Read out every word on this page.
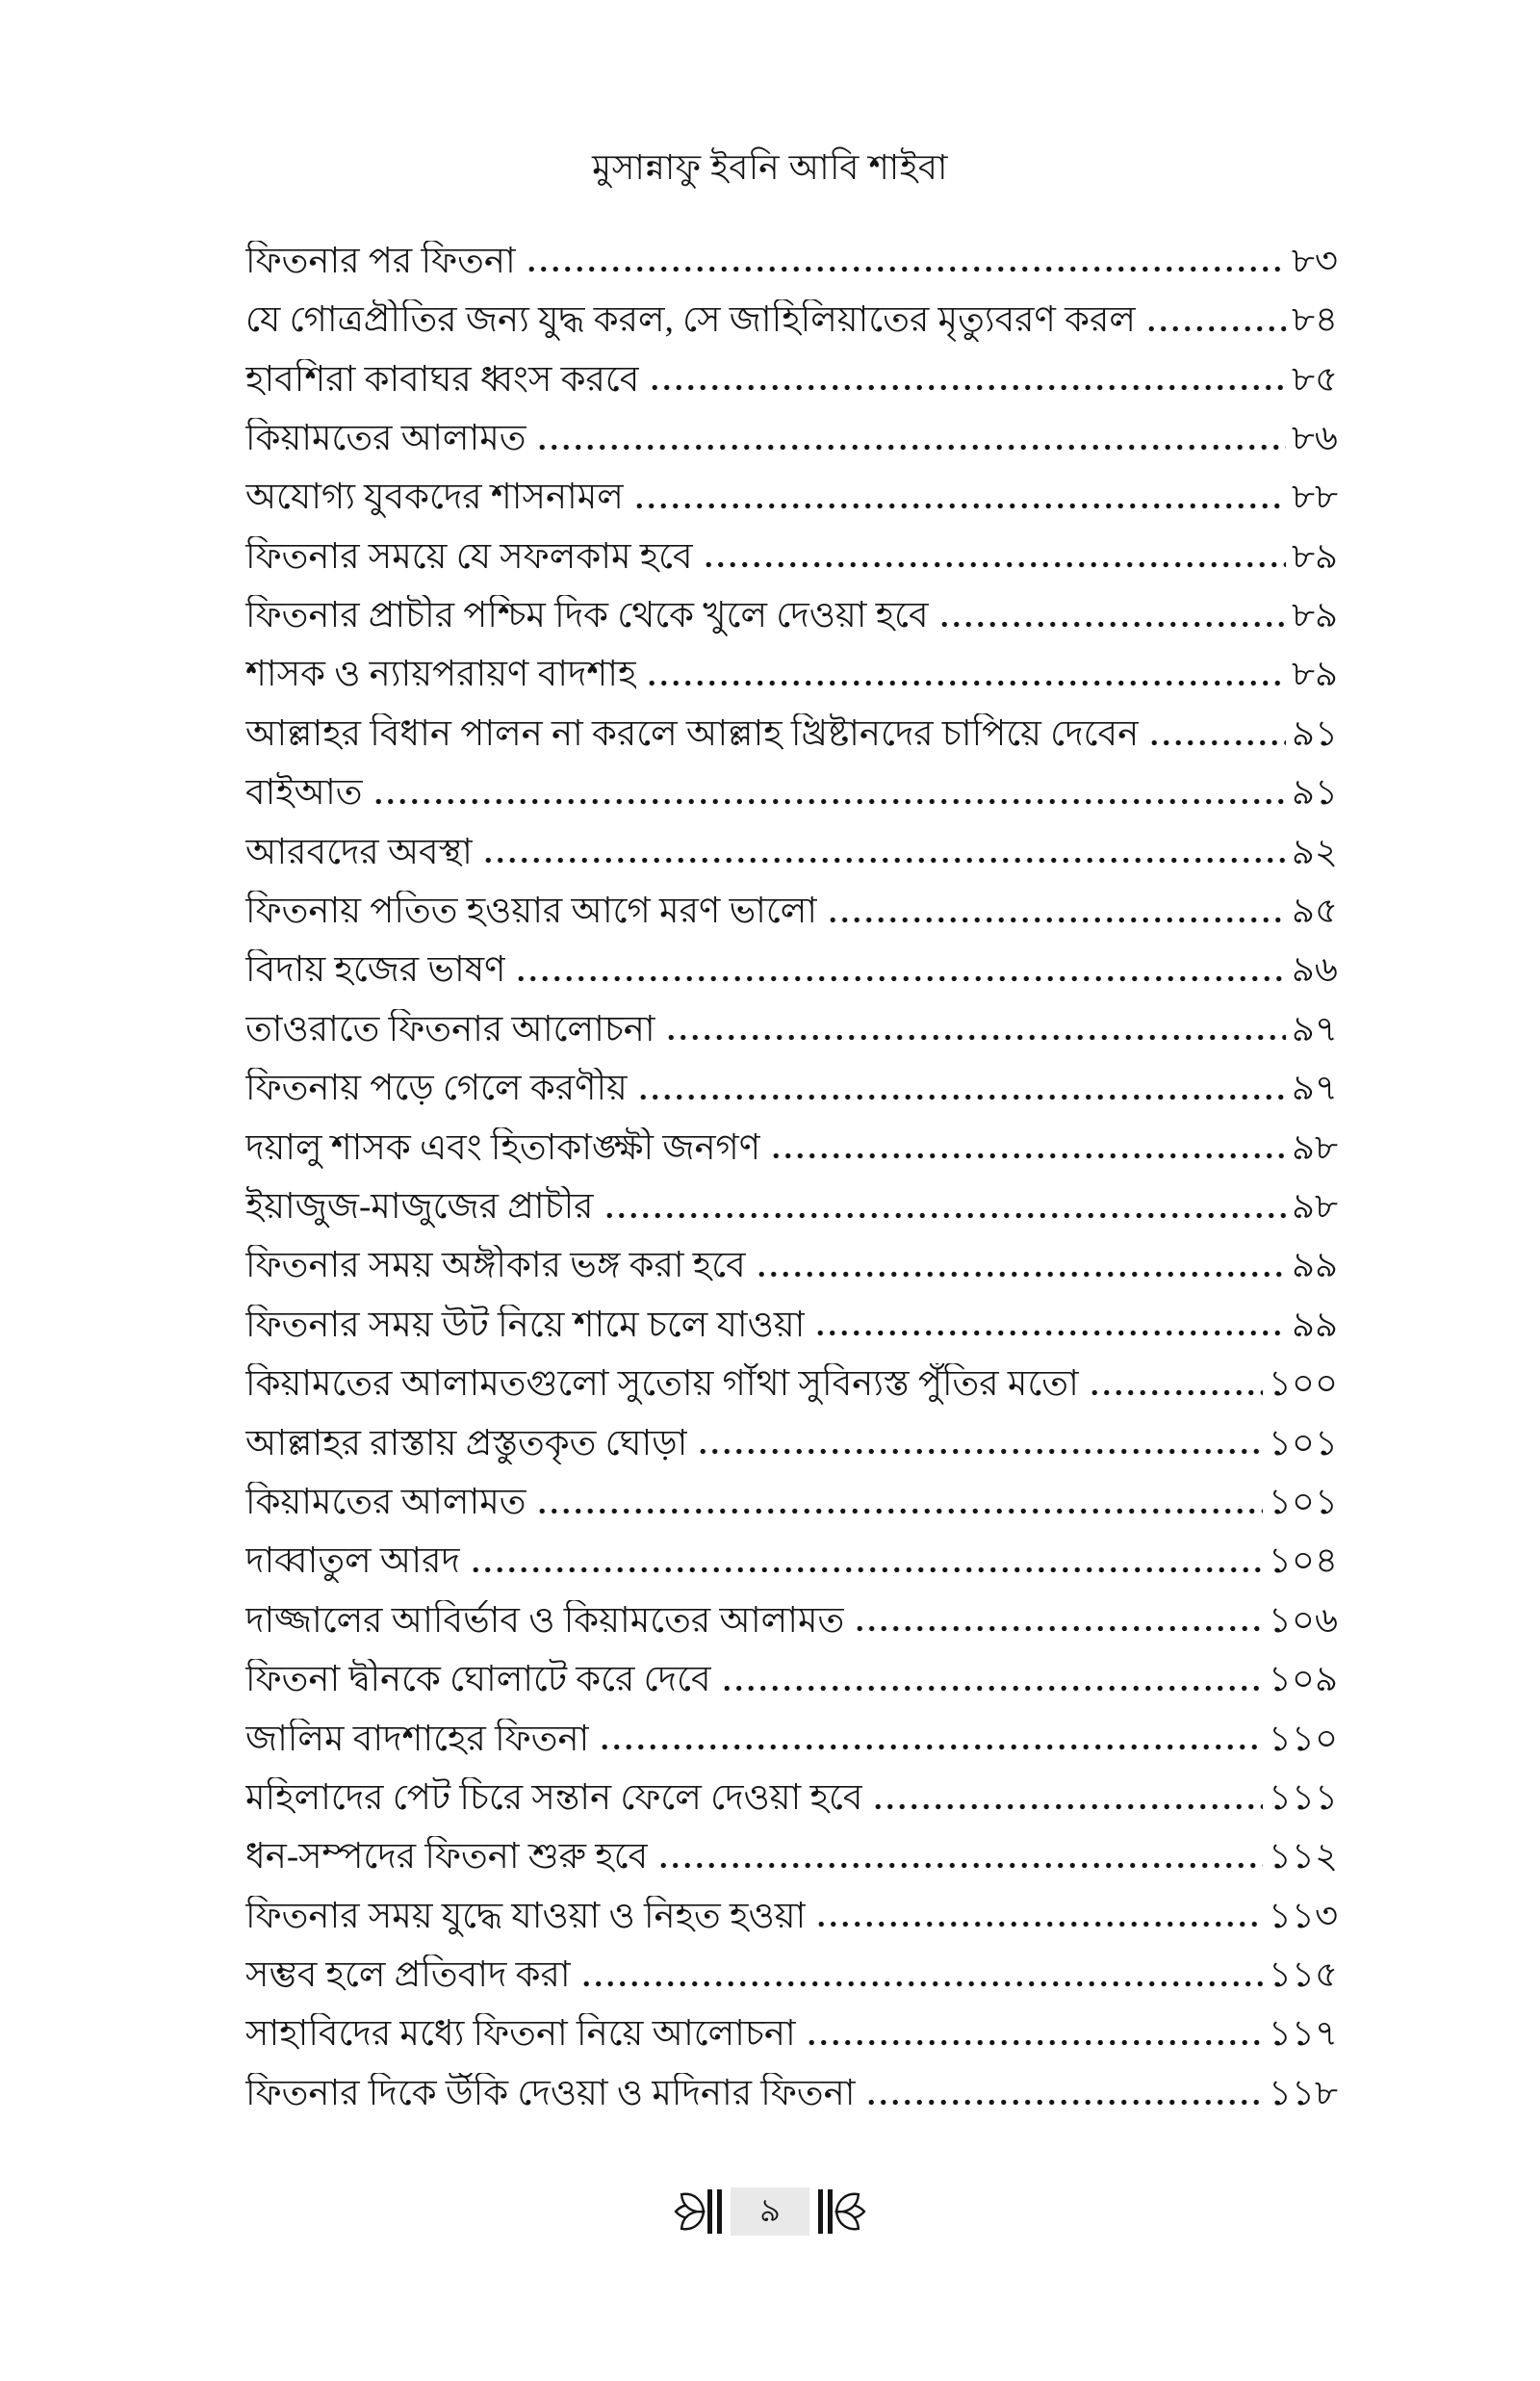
মুসান্নাফু ইবনি আবি শাইবা
ফিতনার পর ফিতনা	৮৩
যে গোত্রপ্রীতির জন্য যুদ্ধ করল, সে জাহিলিয়াতের মৃত্যুবরণ করল	৮৪
হাবশিরা কাবাঘর ধ্বংস করবে	৮৫
কিয়ামতের আলামত	৮৬
অযোগ্য যুবকদের শাসনামল	৮৮
ফিতনার সময়ে যে সফলকাম হবে	৮৯
ফিতনার প্রাচীর পশ্চিম দিক থেকে খুলে দেওয়া হবে	৮৯
শাসক ও ন্যায়পরায়ণ বাদশাহ	৮৯
আল্লাহর বিধান পালন না করলে আল্লাহ খ্রিষ্টানদের চাপিয়ে দেবেন	৯১
বাইআত	৯১
আরবদের অবস্থা	৯২
ফিতনায় পতিত হওয়ার আগে মরণ ভালো	৯৫
বিদায় হজের ভাষণ	৯৬
তাওরাতে ফিতনার আলোচনা	৯৭
ফিতনায় পড়ে গেলে করণীয়	৯৭
দয়ালু শাসক এবং হিতাকাঙ্ক্ষী জনগণ	৯৮
ইয়াজুজ-মাজুজের প্রাচীর	৯৮
ফিতনার সময় অঙ্গীকার ভঙ্গ করা হবে	৯৯
ফিতনার সময় উট নিয়ে শামে চলে যাওয়া	৯৯
কিয়ামতের আলামতগুলো সুতোয় গাঁথা সুবিন্যস্ত পুঁতির মতো	১০০
আল্লাহর রাস্তায় প্রস্তুতকৃত ঘোড়া	১০১
কিয়ামতের আলামত	১০১
দাব্বাতুল আরদ	১০৪
দাজ্জালের আবির্ভাব ও কিয়ামতের আলামত	১০৬
ফিতনা দ্বীনকে ঘোলাটে করে দেবে	১০৯
জালিম বাদশাহের ফিতনা	১১০
মহিলাদের পেট চিরে সন্তান ফেলে দেওয়া হবে	১১১
ধন-সম্পদের ফিতনা শুরু হবে	১১২
ফিতনার সময় যুদ্ধে যাওয়া ও নিহত হওয়া	১১৩
সম্ভব হলে প্রতিবাদ করা	১১৫
সাহাবিদের মধ্যে ফিতনা নিয়ে আলোচনা	১১৭
ফিতনার দিকে উঁকি দেওয়া ও মদিনার ফিতনা	১১৮
৯
